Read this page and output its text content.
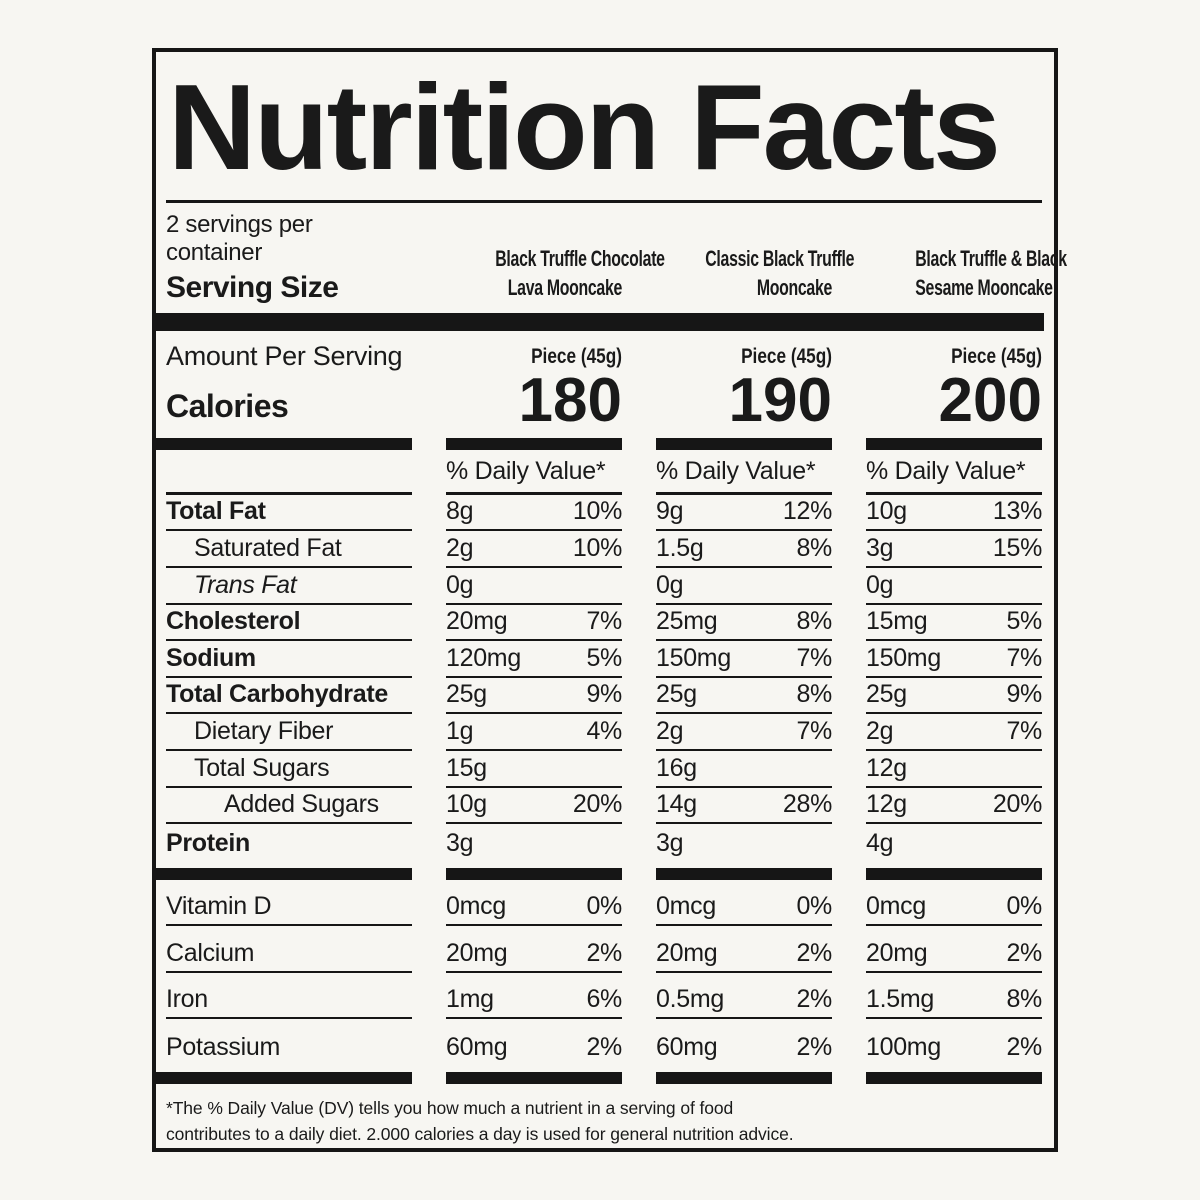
Nutrition Facts
2 servings per container
Serving Size
Black Truffle Chocolate
Lava Mooncake
Classic Black Truffle
Mooncake
Black Truffle & Black
Sesame Mooncake
Amount Per Serving	Piece (45g)	Piece (45g)	Piece (45g)
Calories	180	190	200
% Daily Value*	% Daily Value*	% Daily Value*
Total Fat	8g	10% 9g	12% 10g	13%
Saturated Fat	2g	10% 1.5g	8% 3g	15%
Trans Fat	0g	0g	0g
Cholesterol	20mg	7% 25mg	8% 15mg	5%
Sodium	120mg	5% 150mg	7% 150mg	7%
Total Carbohydrate	25g	9% 25g	8% 25g	9%
Dietary Fiber	1g	4% 2g	7% 2g	7%
Total Sugars	15g	16g	12g
Added Sugars	10g	20% 14g	28% 12g	20%
Protein	3g	3g	4g
Vitamin D	0mcg	0% 0mcg	0% 0mcg	0%
Calcium	20mg	2% 20mg	2% 20mg	2%
Iron	1mg	6% 0.5mg	2% 1.5mg	8%
Potassium	60mg	2% 60mg	2% 100mg	2%
*The % Daily Value (DV) tells you how much a nutrient in a serving of food
contributes to a daily diet. 2.000 calories a day is used for general nutrition advice.
